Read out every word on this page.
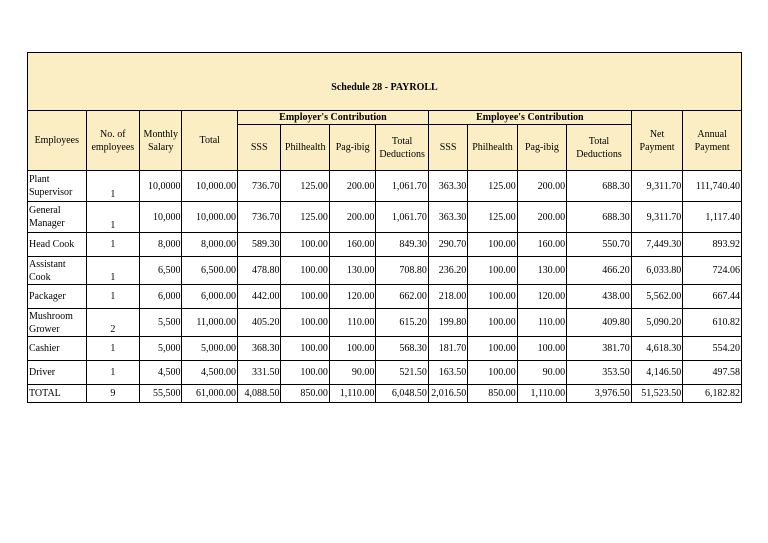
Schedule 28 - PAYROLL													
Employees	No. of employees	Monthly Salary	Total	Employer's Contribution				Employee's Contribution				Net Payment	Annual Payment
				SSS	Philhealth	Pag-ibig	Total Deductions	SSS	Philhealth	Pag-ibig	Total Deductions		
Plant Supervisor	1	10,0000	10,000.00	736.70	125.00	200.00	1,061.70	363.30	125.00	200.00	688.30	9,311.70	111,740.40
General Manager	1	10,000	10,000.00	736.70	125.00	200.00	1,061.70	363.30	125.00	200.00	688.30	9,311.70	1,117.40
Head Cook	1	8,000	8,000.00	589.30	100.00	160.00	849.30	290.70	100.00	160.00	550.70	7,449.30	893.92
Assistant Cook	1	6,500	6,500.00	478.80	100.00	130.00	708.80	236.20	100.00	130.00	466.20	6,033.80	724.06
Packager	1	6,000	6,000.00	442.00	100.00	120.00	662.00	218.00	100.00	120.00	438.00	5,562.00	667.44
Mushroom Grower	2	5,500	11,000.00	405.20	100.00	110.00	615.20	199.80	100.00	110.00	409.80	5,090.20	610.82
Cashier	1	5,000	5,000.00	368.30	100.00	100.00	568.30	181.70	100.00	100.00	381.70	4,618.30	554.20
Driver	1	4,500	4,500.00	331.50	100.00	90.00	521.50	163.50	100.00	90.00	353.50	4,146.50	497.58
TOTAL	9	55,500	61,000.00	4,088.50	850.00	1,110.00	6,048.50	2,016.50	850.00	1,110.00	3,976.50	51,523.50	6,182.82
